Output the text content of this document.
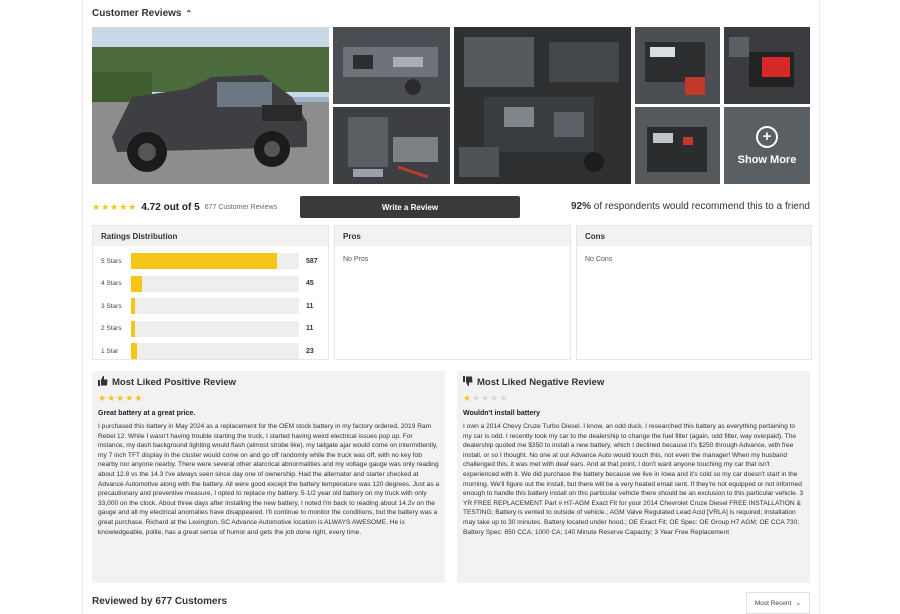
Customer Reviews ⌃
+
Show More
★★★★★ 4.72 out of 5 677 Customer Reviews	Write a Review	92% of respondents would recommend this to a friend
Ratings Distribution
5 Stars	587
4 Stars	45
3 Stars	11
2 Stars	11
1 Star	23
Pros
No Pros
Cons
No Cons
Most Liked Positive Review
★★★★★
Great battery at a great price.
I purchased this battery in May 2024 as a replacement for the OEM stock battery in my factory ordered, 2019 Ram Rebel 12. While I wasn't having trouble starting the truck, I started having weird electrical issues pop up. For instance, my dash background lighting would flash (almost strobe like), my tailgate ajar would come on intermittently, my 7 inch TFT display in the cluster would come on and go off randomly while the truck was off, with no key fob nearby nor anyone nearby. There were several other alarcrical abnormalities and my voltage gauge was only reading about 12.8 vs the 14.3 I've always seen since day one of ownership. Had the alternator and starter checked at Advance Automotive along with the battery. All were good except the battery temperature was 120 degrees. Just as a precautionary and preventive measure, I opted to replace my battery. 5-1/2 year old battery on my truck with only 33,000 on the clock. About three days after installing the new battery, I noted I'm back to reading about 14.2v on the gauge and all my electrical anomalies have disappeared. I'll continue to monitor the conditions, but the battery was a great purchase. Richard at the Lexington, SC Advance Automotive location is ALWAYS AWESOME. He is knowledgeable, polite, has a great sense of humor and gets the job done right, every time.
Most Liked Negative Review
★★★★★
Wouldn't install battery
I own a 2014 Chevy Cruze Turbo Diesel. I know, an odd duck. I researched this battery as everything pertaining to my car is odd. I recently took my car to the dealership to change the fuel filter (again, odd filter, way overpaid). The dealership quoted me $350 to install a new battery, which I declined because it's $250 through Advance, with free install, or so I thought. No one at our Advance Auto would touch this, not even the manager! When my husband challenged this, it was met with deaf ears. And at that point, I don't want anyone touching my car that isn't experienced with it. We did purchase the battery because we live in Iowa and it's cold so my car doesn't start in the morning. We'll figure out the install, but there will be a very heated email sent. If they're not equipped or not informed enough to handle this battery install on this particular vehicle there should be an exclusion to this particular vehicle. 3 YR FREE REPLACEMENT Part # H7-AGM Exact Fit for your 2014 Chevrolet Cruze Diesel FREE INSTALLATION & TESTING; Battery is vented to outside of vehicle.; AGM Valve Regulated Lead Acid [VRLA] is required; Installation may take up to 30 minutes. Battery located under hood.; OE Exact Fit; OE Spec: OE Group H7 AGM; OE CCA 730; Battery Spec: 850 CCA; 1000 CA; 140 Minute Reserve Capacity; 3 Year Free Replacement
Reviewed by 677 Customers	Most Recent ⌄
